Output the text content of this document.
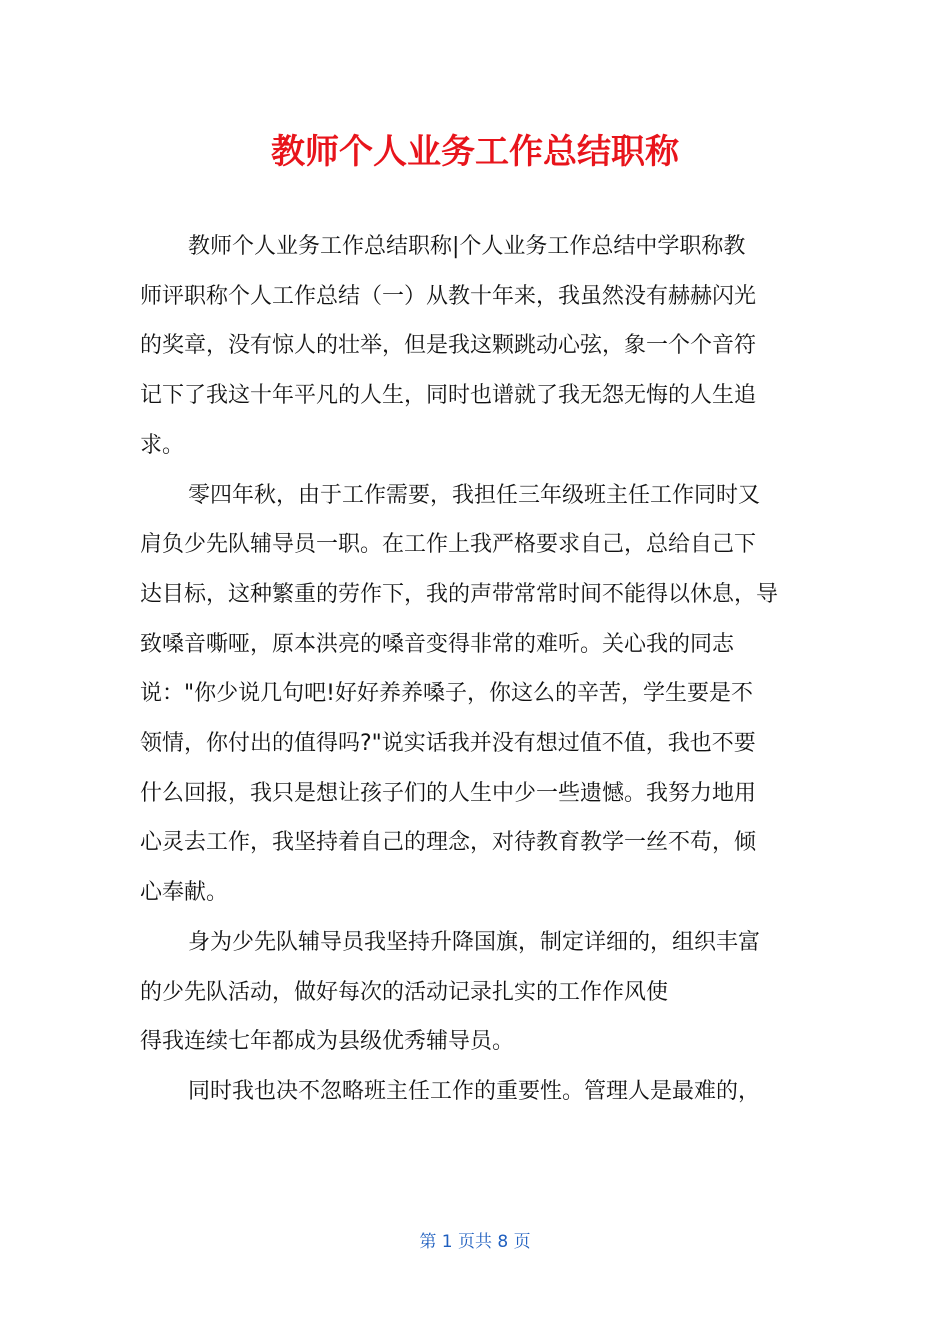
教师个人业务工作总结职称

教师个人业务工作总结职称|个人业务工作总结中学职称教
师评职称个人工作总结（一）从教十年来，我虽然没有赫赫闪光
的奖章，没有惊人的壮举，但是我这颗跳动心弦，象一个个音符
记下了我这十年平凡的人生，同时也谱就了我无怨无悔的人生追
求。

零四年秋，由于工作需要，我担任三年级班主任工作同时又
肩负少先队辅导员一职。在工作上我严格要求自己，总给自己下
达目标，这种繁重的劳作下，我的声带常常时间不能得以休息，导
致嗓音嘶哑，原本洪亮的嗓音变得非常的难听。关心我的同志
说："你少说几句吧!好好养养嗓子，你这么的辛苦，学生要是不
领情，你付出的值得吗?"说实话我并没有想过值不值，我也不要
什么回报，我只是想让孩子们的人生中少一些遗憾。我努力地用
心灵去工作，我坚持着自己的理念，对待教育教学一丝不苟，倾
心奉献。

身为少先队辅导员我坚持升降国旗，制定详细的，组织丰富
的少先队活动，做好每次的活动记录扎实的工作作风使
得我连续七年都成为县级优秀辅导员。

同时我也决不忽略班主任工作的重要性。管理人是最难的，

第 1 页共 8 页
